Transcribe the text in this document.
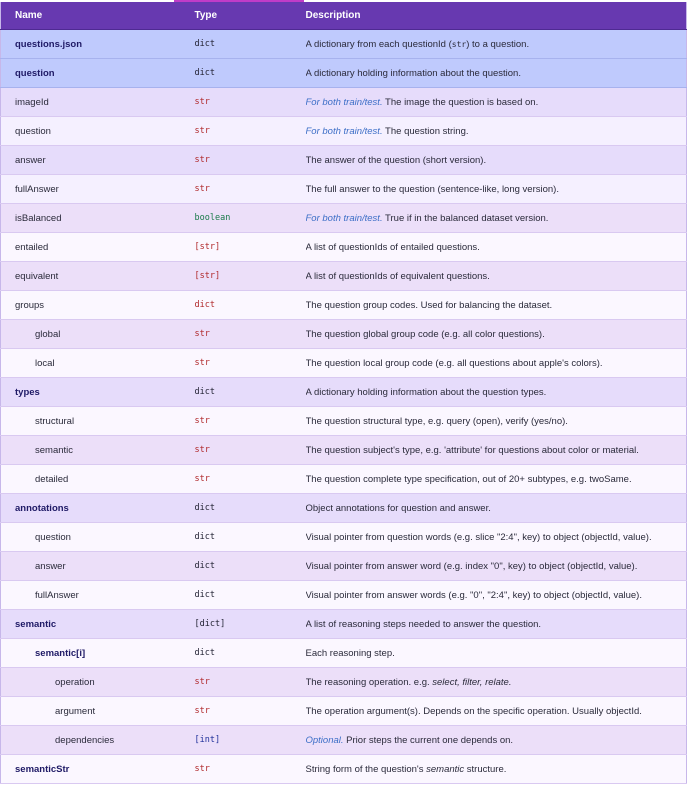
Name	Type	Description
questions.json	dict	A dictionary from each questionId (str) to a question.
question	dict	A dictionary holding information about the question.
imageId	str	For both train/test. The image the question is based on.
question	str	For both train/test. The question string.
answer	str	The answer of the question (short version).
fullAnswer	str	The full answer to the question (sentence-like, long version).
isBalanced	boolean	For both train/test. True if in the balanced dataset version.
entailed	[str]	A list of questionIds of entailed questions.
equivalent	[str]	A list of questionIds of equivalent questions.
groups	dict	The question group codes. Used for balancing the dataset.
global	str	The question global group code (e.g. all color questions).
local	str	The question local group code (e.g. all questions about apple's colors).
types	dict	A dictionary holding information about the question types.
structural	str	The question structural type, e.g. query (open), verify (yes/no).
semantic	str	The question subject's type, e.g. 'attribute' for questions about color or material.
detailed	str	The question complete type specification, out of 20+ subtypes, e.g. twoSame.
annotations	dict	Object annotations for question and answer.
question	dict	Visual pointer from question words (e.g. slice "2:4", key) to object (objectId, value).
answer	dict	Visual pointer from answer word (e.g. index "0", key) to object (objectId, value).
fullAnswer	dict	Visual pointer from answer words (e.g. "0", "2:4", key) to object (objectId, value).
semantic	[dict]	A list of reasoning steps needed to answer the question.
semantic[i]	dict	Each reasoning step.
operation	str	The reasoning operation. e.g. select, filter, relate.
argument	str	The operation argument(s). Depends on the specific operation. Usually objectId.
dependencies	[int]	Optional. Prior steps the current one depends on.
semanticStr	str	String form of the question's semantic structure.
